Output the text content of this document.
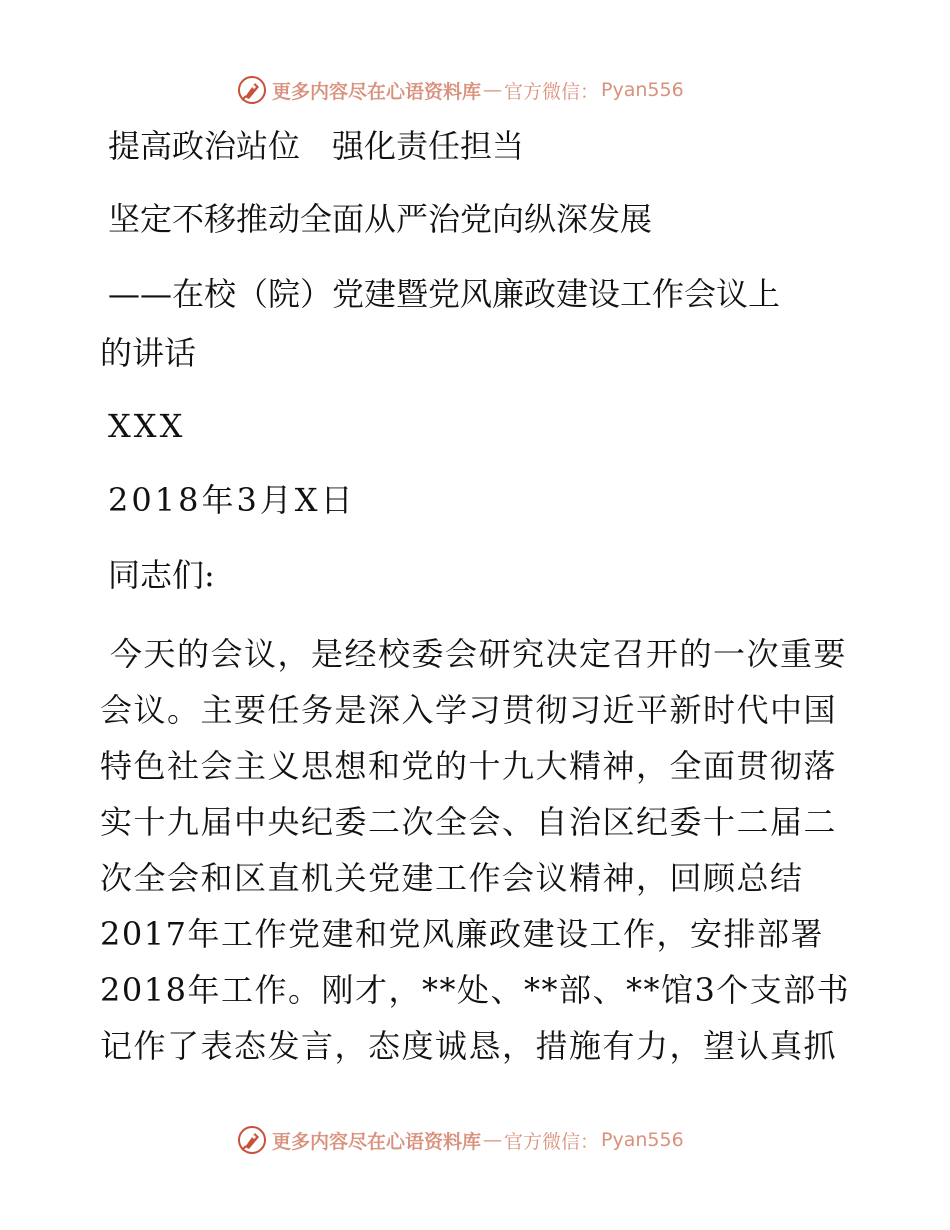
更多内容尽在心语资料库 — 官方微信： Pyan556
提高政治站位　强化责任担当
坚定不移推动全面从严治党向纵深发展
——在校（院）党建暨党风廉政建设工作会议上
的讲话
XXX
2018年3月X日
同志们:
今天的会议，是经校委会研究决定召开的一次重要会议。主要任务是深入学习贯彻习近平新时代中国特色社会主义思想和党的十九大精神，全面贯彻落实十九届中央纪委二次全会、自治区纪委十二届二次全会和区直机关党建工作会议精神，回顾总结2017年工作党建和党风廉政建设工作，安排部署2018年工作。刚才，**处、**部、**馆3个支部书记作了表态发言，态度诚恳，措施有力，望认真抓
更多内容尽在心语资料库 — 官方微信： Pyan556
